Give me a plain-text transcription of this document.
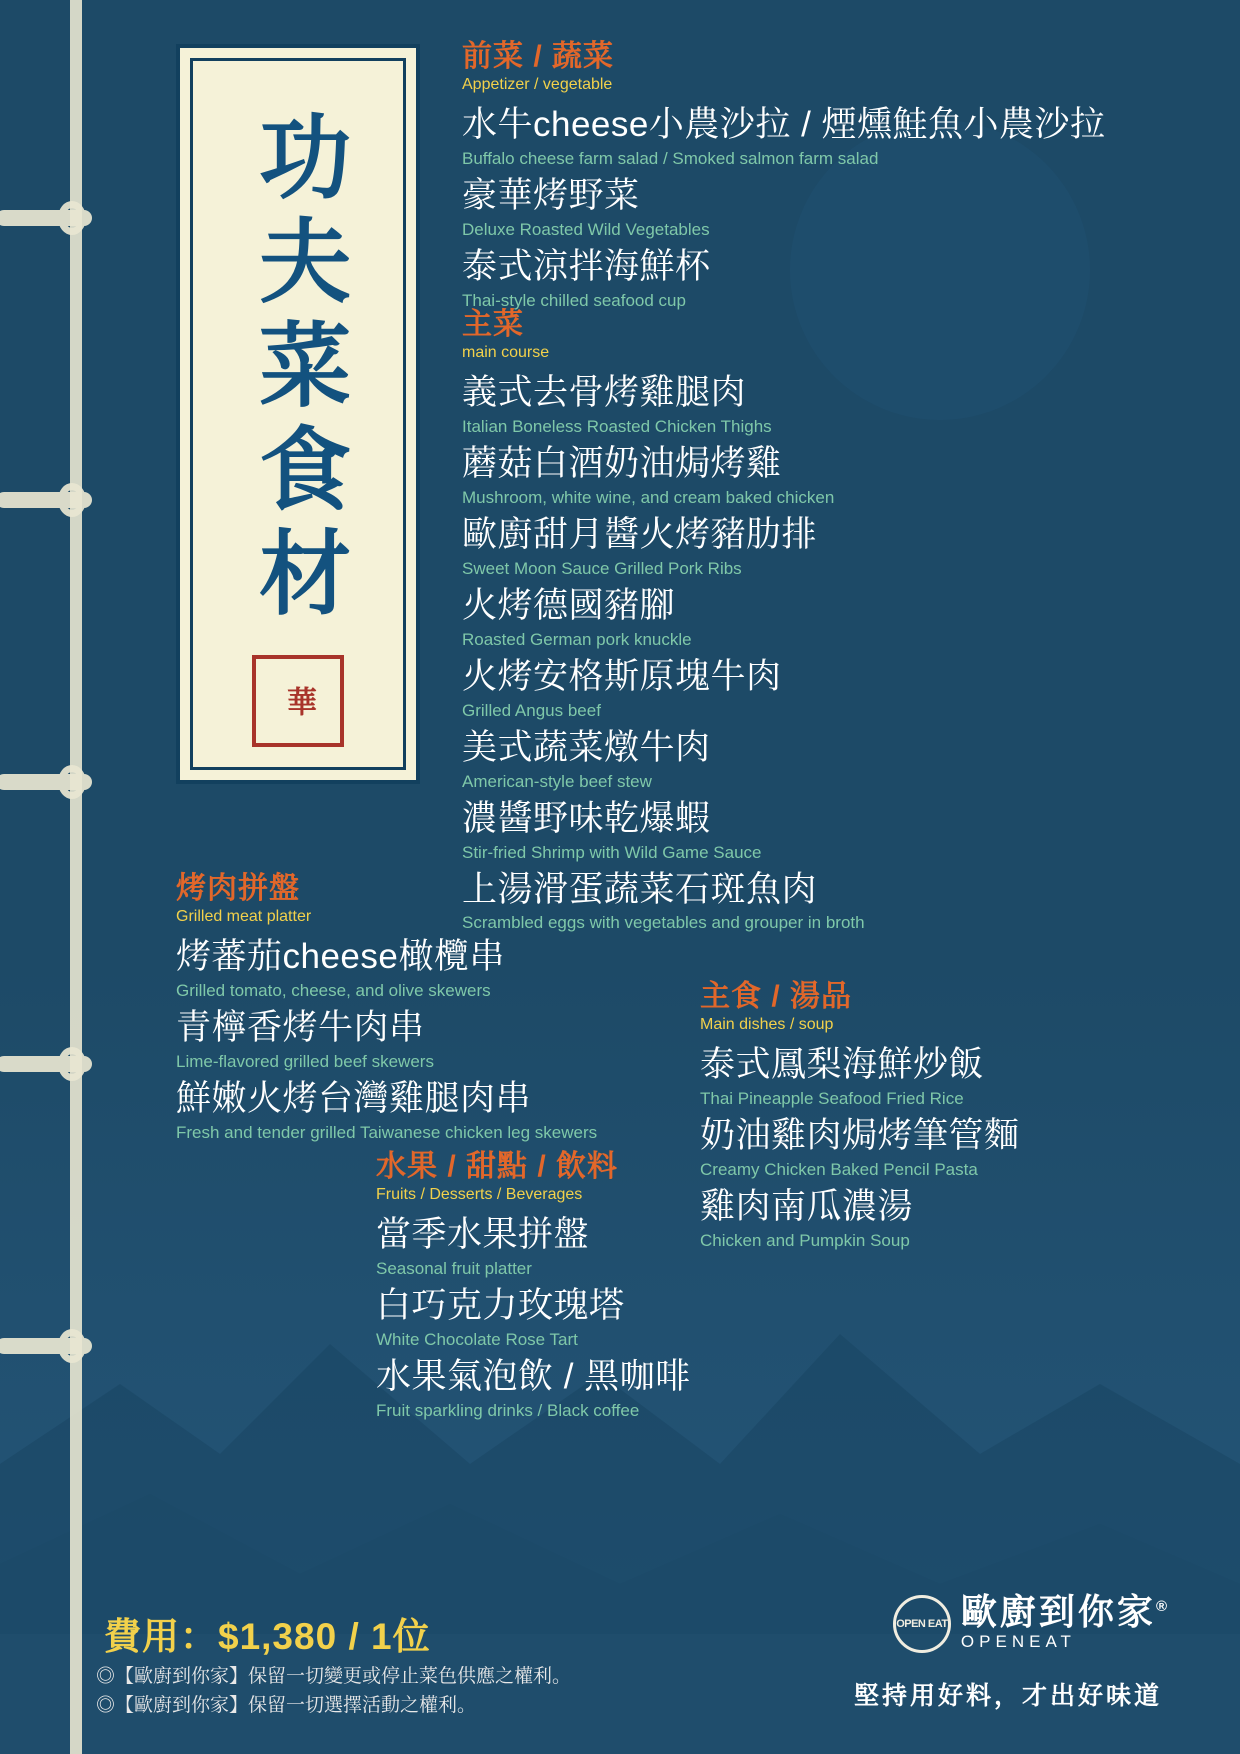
功夫菜食材
華
前菜 / 蔬菜
Appetizer / vegetable
水牛cheese小農沙拉 / 煙燻鮭魚小農沙拉
Buffalo cheese farm salad / Smoked salmon farm salad
豪華烤野菜
Deluxe Roasted Wild Vegetables
泰式涼拌海鮮杯
Thai-style chilled seafood cup
主菜
main course
義式去骨烤雞腿肉
Italian Boneless Roasted Chicken Thighs
蘑菇白酒奶油焗烤雞
Mushroom, white wine, and cream baked chicken
歐廚甜月醬火烤豬肋排
Sweet Moon Sauce Grilled Pork Ribs
火烤德國豬腳
Roasted German pork knuckle
火烤安格斯原塊牛肉
Grilled Angus beef
美式蔬菜燉牛肉
American-style beef stew
濃醬野味乾爆蝦
Stir-fried Shrimp with Wild Game Sauce
上湯滑蛋蔬菜石斑魚肉
Scrambled eggs with vegetables and grouper in broth
烤肉拼盤
Grilled meat platter
烤蕃茄cheese橄欖串
Grilled tomato, cheese, and olive skewers
青檸香烤牛肉串
Lime-flavored grilled beef skewers
鮮嫩火烤台灣雞腿肉串
Fresh and tender grilled Taiwanese chicken leg skewers
主食 / 湯品
Main dishes / soup
泰式鳳梨海鮮炒飯
Thai Pineapple Seafood Fried Rice
奶油雞肉焗烤筆管麵
Creamy Chicken Baked Pencil Pasta
雞肉南瓜濃湯
Chicken and Pumpkin Soup
水果 / 甜點 / 飲料
Fruits / Desserts / Beverages
當季水果拼盤
Seasonal fruit platter
白巧克力玫瑰塔
White Chocolate Rose Tart
水果氣泡飲 / 黑咖啡
Fruit sparkling drinks / Black coffee
費用：$1,380 / 1位
◎【歐廚到你家】保留一切變更或停止菜色供應之權利。
◎【歐廚到你家】保留一切選擇活動之權利。
OPEN EAT 歐廚到你家®
OPENEAT
堅持用好料，才出好味道
